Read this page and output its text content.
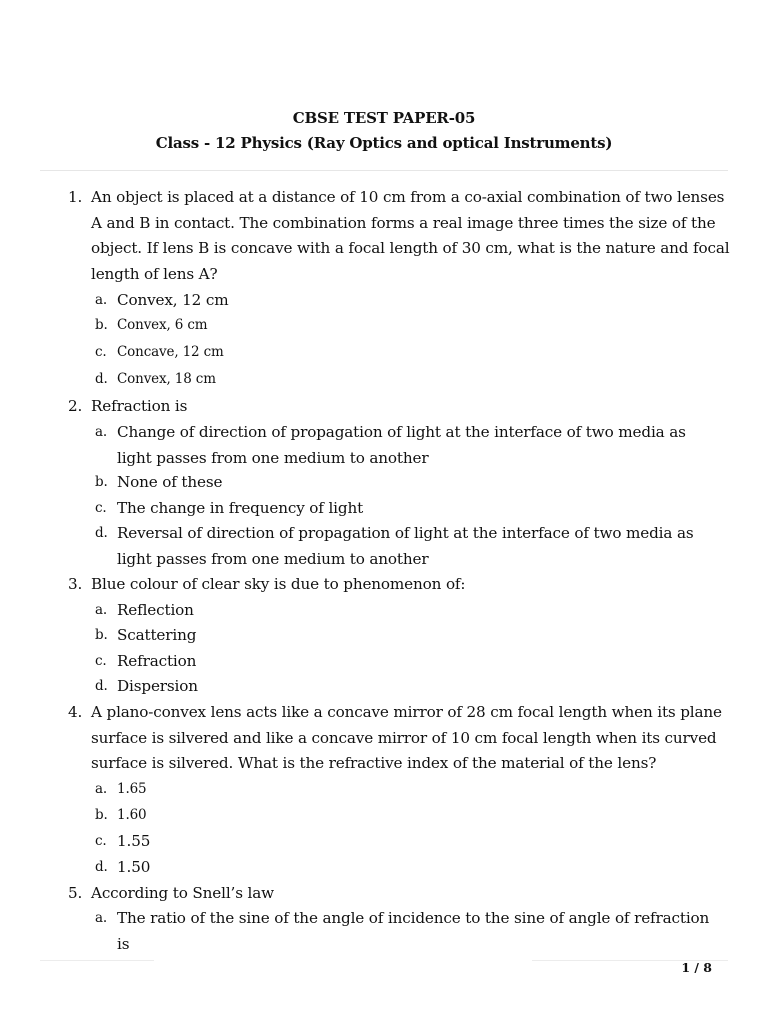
CBSE TEST PAPER-05
Class - 12 Physics (Ray Optics and optical Instruments)
1. An object is placed at a distance of 10 cm from a co-axial combination of two lenses A and B in contact. The combination forms a real image three times the size of the object. If lens B is concave with a focal length of 30 cm, what is the nature and focal length of lens A?
a. Convex, 12 cm
b. Convex, 6 cm
c. Concave, 12 cm
d. Convex, 18 cm
2. Refraction is
a. Change of direction of propagation of light at the interface of two media as light passes from one medium to another
b. None of these
c. The change in frequency of light
d. Reversal of direction of propagation of light at the interface of two media as light passes from one medium to another
3. Blue colour of clear sky is due to phenomenon of:
a. Reflection
b. Scattering
c. Refraction
d. Dispersion
4. A plano-convex lens acts like a concave mirror of 28 cm focal length when its plane surface is silvered and like a concave mirror of 10 cm focal length when its curved surface is silvered. What is the refractive index of the material of the lens?
a. 1.65
b. 1.60
c. 1.55
d. 1.50
5. According to Snell’s law
a. The ratio of the sine of the angle of incidence to the sine of angle of refraction is
1 / 8
